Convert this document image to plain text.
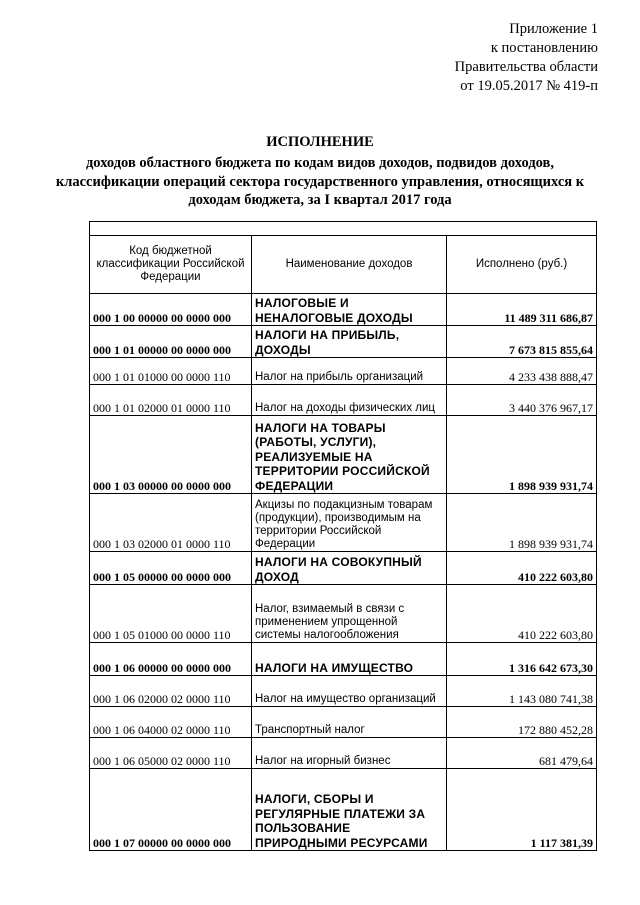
Приложение 1
к постановлению
Правительства области
от 19.05.2017 № 419-п
ИСПОЛНЕНИЕ
доходов областного бюджета по кодам видов доходов, подвидов доходов, классификации операций сектора государственного управления, относящихся к доходам бюджета, за I квартал 2017 года

Код бюджетной классификации Российской Федерации	Наименование доходов	Исполнено (руб.)
000 1 00 00000 00 0000 000	НАЛОГОВЫЕ И НЕНАЛОГОВЫЕ ДОХОДЫ	11 489 311 686,87
000 1 01 00000 00 0000 000	НАЛОГИ НА ПРИБЫЛЬ, ДОХОДЫ	7 673 815 855,64
000 1 01 01000 00 0000 110	Налог на прибыль организаций	4 233 438 888,47
000 1 01 02000 01 0000 110	Налог на доходы физических лиц	3 440 376 967,17
000 1 03 00000 00 0000 000	НАЛОГИ НА ТОВАРЫ (РАБОТЫ, УСЛУГИ), РЕАЛИЗУЕМЫЕ НА ТЕРРИТОРИИ РОССИЙСКОЙ ФЕДЕРАЦИИ	1 898 939 931,74
000 1 03 02000 01 0000 110	Акцизы по подакцизным товарам (продукции), производимым на территории Российской Федерации	1 898 939 931,74
000 1 05 00000 00 0000 000	НАЛОГИ НА СОВОКУПНЫЙ ДОХОД	410 222 603,80
000 1 05 01000 00 0000 110	Налог, взимаемый в связи с применением упрощенной системы налогообложения	410 222 603,80
000 1 06 00000 00 0000 000	НАЛОГИ НА ИМУЩЕСТВО	1 316 642 673,30
000 1 06 02000 02 0000 110	Налог на имущество организаций	1 143 080 741,38
000 1 06 04000 02 0000 110	Транспортный налог	172 880 452,28
000 1 06 05000 02 0000 110	Налог на игорный бизнес	681 479,64
000 1 07 00000 00 0000 000	НАЛОГИ, СБОРЫ И РЕГУЛЯРНЫЕ ПЛАТЕЖИ ЗА ПОЛЬЗОВАНИЕ ПРИРОДНЫМИ РЕСУРСАМИ	1 117 381,39
